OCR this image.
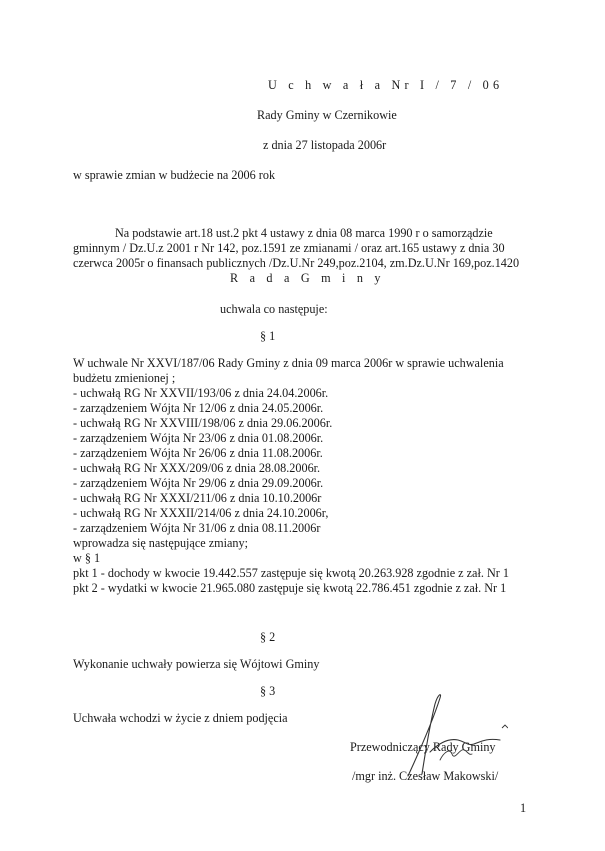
U c h w a ł a Nr I / 7 / 06
Rady Gminy w Czernikowie
z dnia 27 listopada 2006r
w sprawie zmian w budżecie na 2006 rok
Na podstawie art.18 ust.2 pkt 4 ustawy z dnia 08 marca 1990 r o samorządzie
gminnym / Dz.U.z 2001 r Nr 142, poz.1591 ze zmianami / oraz art.165 ustawy z dnia 30
czerwca 2005r o finansach publicznych /Dz.U.Nr 249,poz.2104, zm.Dz.U.Nr 169,poz.1420
R a d a G m i n y
uchwala co następuje:
§ 1
W uchwale Nr XXVI/187/06 Rady Gminy z dnia 09 marca 2006r w sprawie uchwalenia
budżetu zmienionej ;
- uchwałą RG Nr XXVII/193/06 z dnia 24.04.2006r.
- zarządzeniem Wójta Nr 12/06 z dnia 24.05.2006r.
- uchwałą RG Nr XXVIII/198/06 z dnia 29.06.2006r.
- zarządzeniem Wójta Nr 23/06 z dnia 01.08.2006r.
- zarządzeniem Wójta Nr 26/06 z dnia 11.08.2006r.
- uchwałą RG Nr XXX/209/06 z dnia 28.08.2006r.
- zarządzeniem Wójta Nr 29/06 z dnia 29.09.2006r.
- uchwałą RG Nr XXXI/211/06 z dnia 10.10.2006r
- uchwałą RG Nr XXXII/214/06 z dnia 24.10.2006r,
- zarządzeniem Wójta Nr 31/06 z dnia 08.11.2006r
wprowadza się następujące zmiany;
w § 1
pkt 1 - dochody w kwocie 19.442.557 zastępuje się kwotą 20.263.928 zgodnie z zał. Nr 1
pkt 2 - wydatki w kwocie 21.965.080 zastępuje się kwotą 22.786.451 zgodnie z zał. Nr 1
§ 2
Wykonanie uchwały powierza się Wójtowi Gminy
§ 3
Uchwała wchodzi w życie z dniem podjęcia
Przewodniczący Rady Gminy
/mgr inż. Czesław Makowski/
1
